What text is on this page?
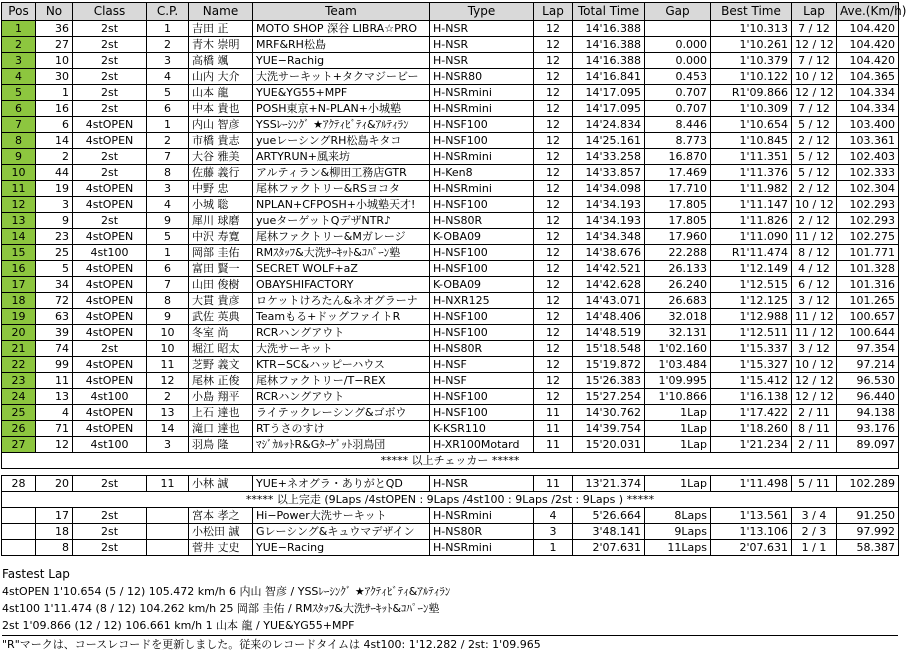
Pos	No	Class	C.P.	Name	Team	Type	Lap	Total Time	Gap	Best Time	Lap	Ave.(Km/h)
1	36	2st	1	吉田 正	MOTO SHOP 深谷 LIBRA☆PRO	H-NSR	12	14'16.388		1'10.313	7 / 12	104.420
2	27	2st	2	青木 崇明	MRF&RH松島	H-NSR	12	14'16.388	0.000	1'10.261	12 / 12	104.420
3	10	2st	3	高橋 颯	YUE−Rachig	H-NSR	12	14'16.388	0.000	1'10.379	7 / 12	104.420
4	30	2st	4	山内 大介	大洗サーキット+タクマジービー	H-NSR80	12	14'16.841	0.453	1'10.122	10 / 12	104.365
5	1	2st	5	山本 龍	YUE&YG55+MPF	H-NSRmini	12	14'17.095	0.707	R1'09.866	12 / 12	104.334
6	16	2st	6	中本 貴也	POSH東京+N-PLAN+小城塾	H-NSRmini	12	14'17.095	0.707	1'10.309	7 / 12	104.334
7	6	4stOPEN	1	内山 智彦	YSSﾚｰｼﾝｸﾞ ★ｱｸﾃｨﾋﾞﾃｨ&ｱﾙﾃｨﾗﾝ	H-NSF100	12	14'24.834	8.446	1'10.654	5 / 12	103.400
8	14	4stOPEN	2	市橋 貴志	yueレーシングRH松島キタコ	H-NSF100	12	14'25.161	8.773	1'10.845	2 / 12	103.361
9	2	2st	7	大谷 雅美	ARTYRUN+風来坊	H-NSRmini	12	14'33.258	16.870	1'11.351	5 / 12	102.403
10	44	2st	8	佐藤 義行	アルティラン&柳田工務店GTR	H-Ken8	12	14'33.857	17.469	1'11.376	5 / 12	102.333
11	19	4stOPEN	3	中野 忠	尾林ファクトリー&RSヨコタ	H-NSRmini	12	14'34.098	17.710	1'11.982	2 / 12	102.304
12	3	4stOPEN	4	小城 聡	NPLAN+CFPOSH+小城塾天才!	H-NSF100	12	14'34.193	17.805	1'11.147	10 / 12	102.293
13	9	2st	9	犀川 球磨	yueターゲットQデザNTR♪	H-NS80R	12	14'34.193	17.805	1'11.826	2 / 12	102.293
14	23	4stOPEN	5	中沢 寿寛	尾林ファクトリー&Mガレージ	K-OBA09	12	14'34.348	17.960	1'11.090	11 / 12	102.275
15	25	4st100	1	岡部 圭佑	RMｽﾀｯﾌ&大洗ｻｰｷｯﾄ&ｺﾊﾟｰﾝ塾	H-NSF100	12	14'38.676	22.288	R1'11.474	8 / 12	101.771
16	5	4stOPEN	6	富田 賢一	SECRET WOLF+aZ	H-NSF100	12	14'42.521	26.133	1'12.149	4 / 12	101.328
17	34	4stOPEN	7	山田 俊樹	OBAYSHIFACTORY	K-OBA09	12	14'42.628	26.240	1'12.515	6 / 12	101.316
18	72	4stOPEN	8	大貫 貴彦	ロケットけろたん&ネオグラーナ	H-NXR125	12	14'43.071	26.683	1'12.125	3 / 12	101.265
19	63	4stOPEN	9	武佐 英典	Teamもる+ドッグファイトR	H-NSF100	12	14'48.406	32.018	1'12.988	11 / 12	100.657
20	39	4stOPEN	10	冬室 尚	RCRハングアウト	H-NSF100	12	14'48.519	32.131	1'12.511	11 / 12	100.644
21	74	2st	10	堀江 昭太	大洗サーキット	H-NS80R	12	15'18.548	1'02.160	1'15.337	3 / 12	97.354
22	99	4stOPEN	11	芝野 義文	KTR−SC&ハッピーハウス	H-NSF	12	15'19.872	1'03.484	1'15.327	10 / 12	97.214
23	11	4stOPEN	12	尾林 正俊	尾林ファクトリー/T−REX	H-NSF	12	15'26.383	1'09.995	1'15.412	12 / 12	96.530
24	13	4st100	2	小島 翔平	RCRハングアウト	H-NSF100	12	15'27.254	1'10.866	1'16.138	12 / 12	96.440
25	4	4stOPEN	13	上石 達也	ライテックレーシング&ゴボウ	H-NSF100	11	14'30.762	1Lap	1'17.422	2 / 11	94.138
26	71	4stOPEN	14	滝口 達也	RTうさのすけ	K-KSR110	11	14'39.754	1Lap	1'18.260	8 / 11	93.176
27	12	4st100	3	羽鳥 隆	ﾏｼﾞｶﾙｯﾄR&Gﾀｰｹﾞｯﾄ羽鳥団	H-XR100Motard	11	15'20.031	1Lap	1'21.234	2 / 11	89.097
***** 以上チェッカー *****												

28	20	2st	11	小林 誠	YUE+ネオグラ・ありがとQD	H-NSR	11	13'21.374	1Lap	1'11.498	5 / 11	102.289
***** 以上完走 (9Laps /4stOPEN : 9Laps /4st100 : 9Laps /2st : 9Laps ) *****												
	17	2st		宮本 孝之	Hi−Power大洗サーキット	H-NSRmini	4	5'26.664	8Laps	1'13.561	3 / 4	91.250
	18	2st		小松田 誠	Gレーシング&キュウマデザイン	H-NS80R	3	3'48.141	9Laps	1'13.106	2 / 3	97.992
	8	2st		菅井 丈史	YUE−Racing	H-NSRmini	1	2'07.631	11Laps	2'07.631	1 / 1	58.387
Fastest Lap
4stOPEN 1'10.654 (5 / 12) 105.472 km/h 6 内山 智彦 / YSSﾚｰｼﾝｸﾞ ★ｱｸﾃｨﾋﾞﾃｨ&ｱﾙﾃｨﾗﾝ
4st100 1'11.474 (8 / 12) 104.262 km/h 25 岡部 圭佑 / RMｽﾀｯﾌ&大洗ｻｰｷｯﾄ&ｺﾊﾟｰﾝ塾
2st 1'09.866 (12 / 12) 106.661 km/h 1 山本 龍 / YUE&YG55+MPF
"R"マークは、コースレコードを更新しました。従来のレコードタイムは 4st100: 1'12.282 / 2st: 1'09.965
